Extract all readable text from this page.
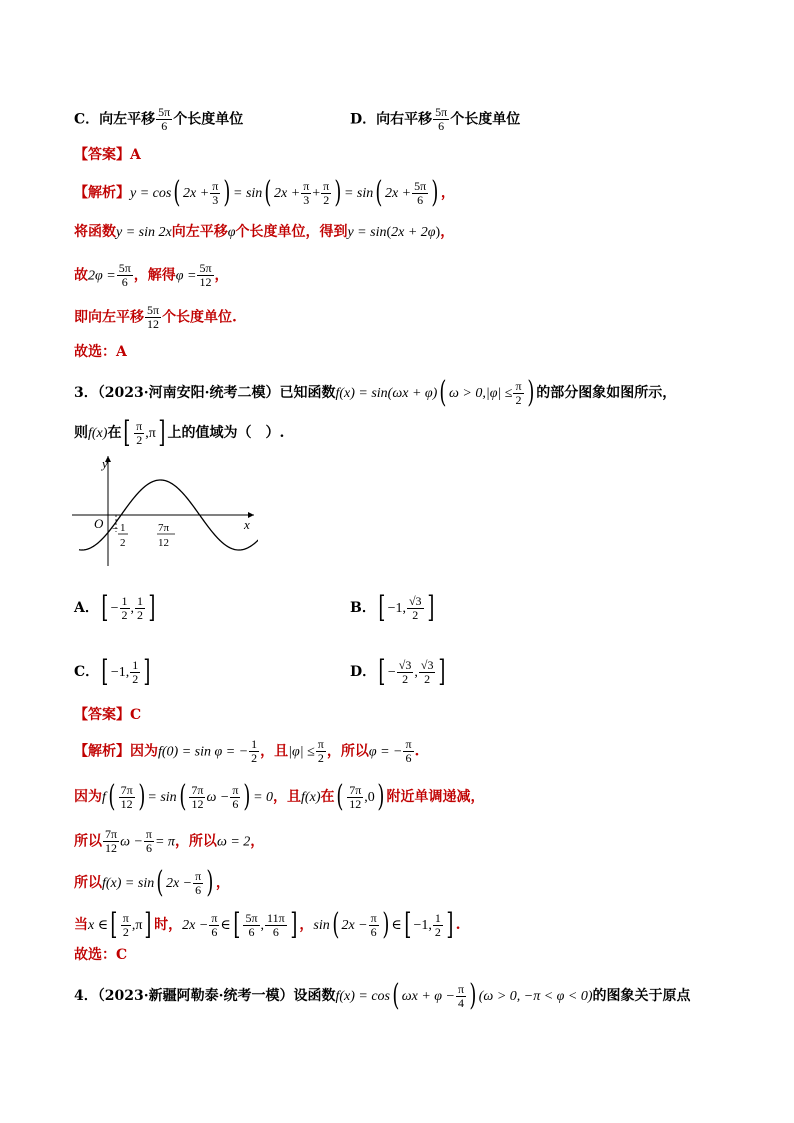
C．向左平移 $\frac{5\pi}{6}$ 个长度单位	D．向右平移 $\frac{5\pi}{6}$ 个长度单位
【答案】A
【解析】y = cos( $2x + \frac{\pi}{3}$ ) = sin( $2x + \frac{\pi}{3} + \frac{\pi}{2}$ ) = sin( $2x + \frac{5\pi}{6}$ ) ，
将函数y = sin 2x向左平移φ个长度单位，得到y = sin(2x + 2φ)，
故$2\varphi = \frac{5\pi}{6}$ ，解得$\varphi = \frac{5\pi}{12}$ ，
即向左平移 $\frac{5\pi}{12}$ 个长度单位.
故选：A
3．（2023·河南安阳·统考二模）已知函数f(x) = sin(ωx + φ)( $\omega > 0,|\varphi| \le \frac{\pi}{2}$ ) 的部分图象如图所示，
则f(x)在[ $\frac{\pi}{2} ,\pi$] 上的值域为（　）.
y
x
O − 1
2
7π
12
A．[ − $\frac{1}{2}$ , $\frac{1}{2}$ ]	B．[ −1, $\frac{√3}{2}$ ]
C．[ −1, $\frac{1}{2}$ ]	D．[ − $\frac{√3}{2}$ , $\frac{√3}{2}$ ]
【答案】C
【解析】因为f(0) = sin φ = − $\frac{1}{2}$ ，且$|\varphi| \le \frac{\pi}{2}$ ，所以φ = − $\frac{\pi}{6}$ .
因为$f( \frac{7\pi}{12}$ ) = $\sin( \frac{7\pi}{12}$ $\omega - \frac{\pi}{6}$ ) = 0，且f(x)在( $\frac{7\pi}{12} ,0$) 附近单调递减，
所以 $\frac{7\pi}{12}$ $\omega - \frac{\pi}{6} = \pi$，所以ω = 2，
所以f(x) = sin( $2x - \frac{\pi}{6}$ ) ，
当x ∈[ $\frac{\pi}{2} ,\pi$] 时，$2x - \frac{\pi}{6}$ ∈[ $\frac{5\pi}{6}$ , $\frac{11\pi}{6}$ ] ，sin( $2x - \frac{\pi}{6}$ ) ∈[ −1, $\frac{1}{2}$ ] .
故选：C
4．（2023·新疆阿勒泰·统考一模）设函数f(x) = cos( $\omega x + \varphi - \frac{\pi}{4}$ ) (ω > 0, −π < φ < 0)的图象关于原点
